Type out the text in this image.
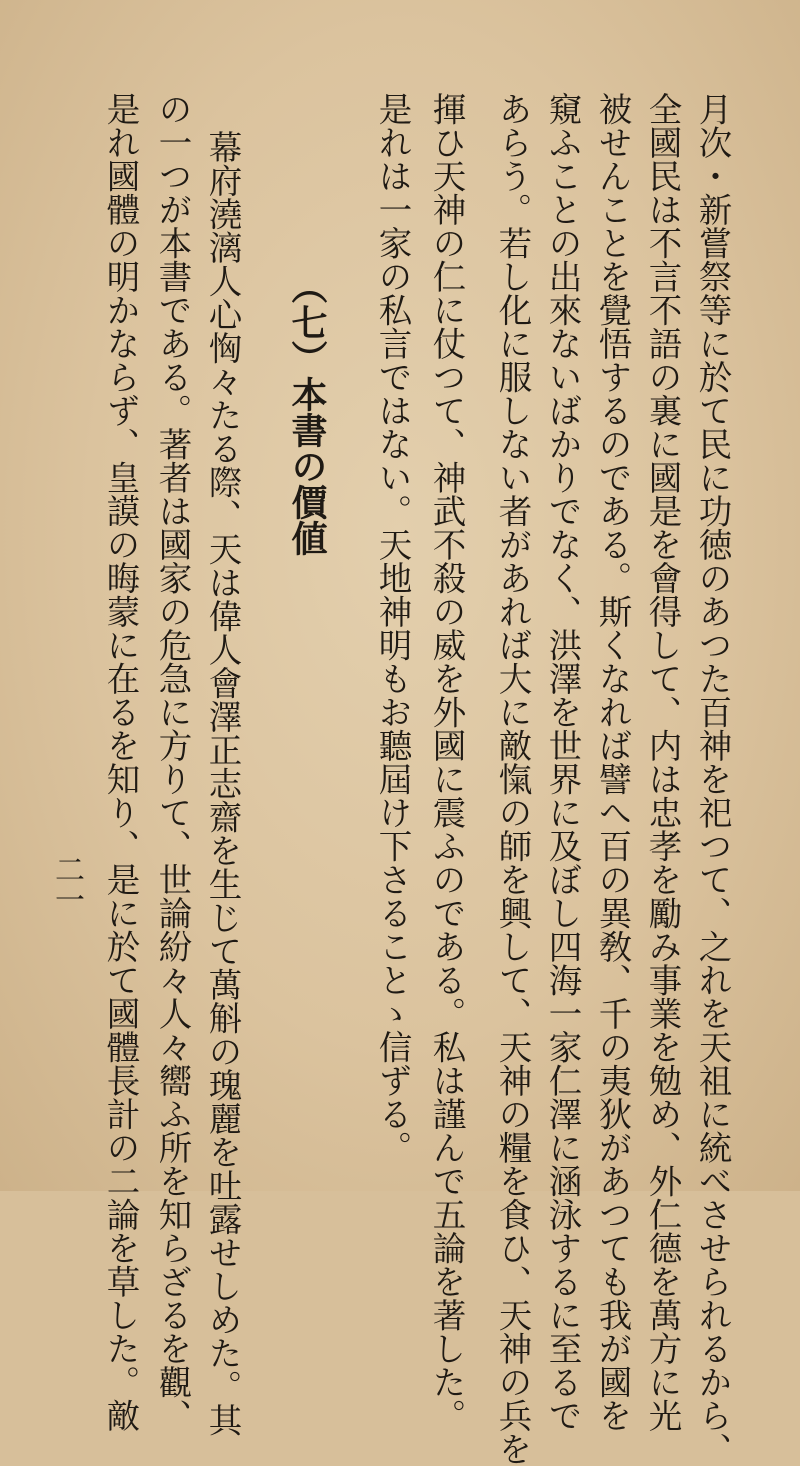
月次・新嘗祭等に於て民に功徳のあつた百神を祀つて、之れを天祖に統べさせられるから、
全國民は不言不語の裏に國是を會得して、内は忠孝を勵み事業を勉め、外仁德を萬方に光
被せんことを覺悟するのである。斯くなれば譬へ百の異敎、千の夷狄があつても我が國を
窺ふことの出來ないばかりでなく、洪澤を世界に及ぼし四海一家仁澤に涵泳するに至るで
あらう。若し化に服しない者があれば大に敵愾の師を興して、天神の糧を食ひ、天神の兵を
揮ひ天神の仁に仗つて、神武不殺の威を外國に震ふのである。私は謹んで五論を著した。
是れは一家の私言ではない。天地神明もお聽屆け下さることゝ信ずる。
（七）本書の價値
幕府澆漓人心恟々たる際、天は偉人會澤正志齋を生じて萬斛の瑰麗を吐露せしめた。其
の一つが本書である。著者は國家の危急に方りて、世論紛々人々嚮ふ所を知らざるを觀、
是れ國體の明かならず、皇謨の晦蒙に在るを知り、是に於て國體長計の二論を草した。敵
二一
